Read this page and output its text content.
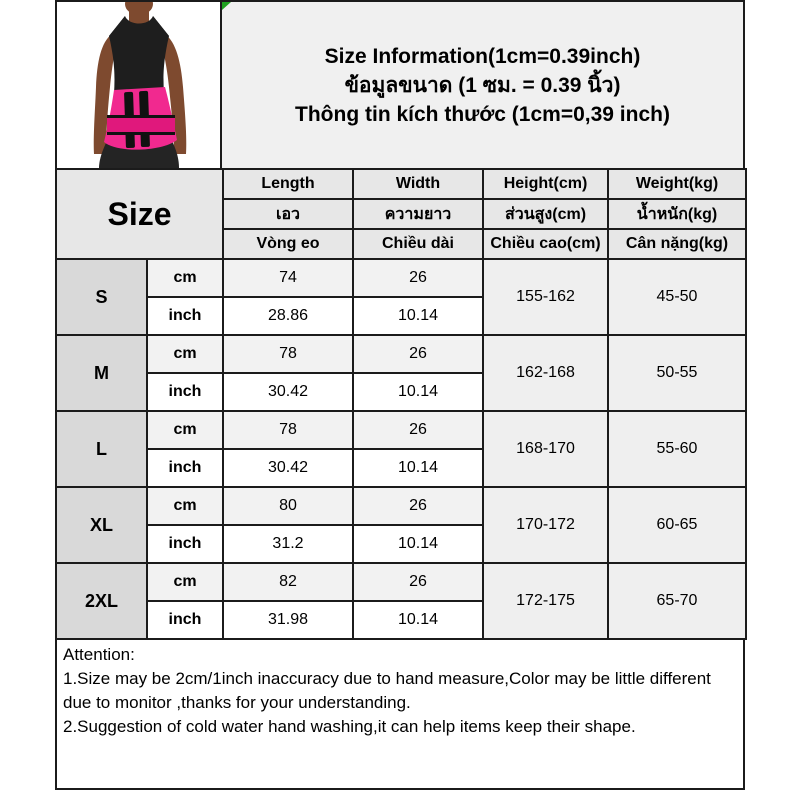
Size Information(1cm=0.39inch)
ข้อมูลขนาด (1 ซม. = 0.39 นิ้ว)
Thông tin kích thước (1cm=0,39 inch)
Size		Length	Width	Height(cm)	Weight(kg)
		เอว	ความยาว	ส่วนสูง(cm)	น้ำหนัก(kg)
		Vòng eo	Chiều dài	Chiều cao(cm)	Cân nặng(kg)
S	cm	74	26	155-162	45-50
	inch	28.86	10.14		
M	cm	78	26	162-168	50-55
	inch	30.42	10.14		
L	cm	78	26	168-170	55-60
	inch	30.42	10.14		
XL	cm	80	26	170-172	60-65
	inch	31.2	10.14		
2XL	cm	82	26	172-175	65-70
	inch	31.98	10.14		
Attention:
1.Size may be 2cm/1inch inaccuracy due to hand measure,Color may be little different due to monitor ,thanks for your understanding.
2.Suggestion of cold water hand washing,it can help items keep their shape.
